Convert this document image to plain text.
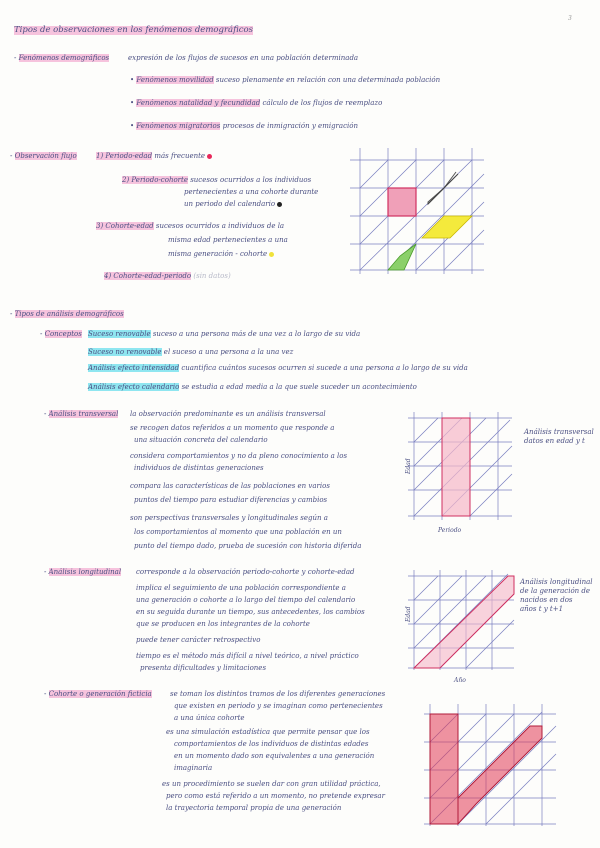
Tipos de observaciones en los fenómenos demográficos
3
- Fenómenos demográficos	expresión de los flujos de sucesos en una población determinada
• Fenómenos movilidad suceso plenamente en relación con una determinada población
• Fenómenos natalidad y fecundidad cálculo de los flujos de reemplazo
• Fenómenos migratorios procesos de inmigración y emigración
- Observación flujo	1) Periodo-edad más frecuente
2) Periodo-cohorte sucesos ocurridos a los individuos
pertenecientes a una cohorte durante
un periodo del calendario
3) Cohorte-edad sucesos ocurridos a individuos de la
misma edad pertenecientes a una
misma generación - cohorte
4) Cohorte-edad-periodo (sin datos)
- Tipos de análisis demográficos
- Conceptos Suceso renovable suceso a una persona más de una vez a lo largo de su vida
Suceso no renovable el suceso a una persona a la una vez
Análisis efecto intensidad cuantifica cuántos sucesos ocurren si sucede a una persona a lo largo de su vida
Análisis efecto calendario se estudia a edad media a la que suele suceder un acontecimiento
- Análisis transversal la observación predominante es un análisis transversal
se recogen datos referidos a un momento que responde a
una situación concreta del calendario
considera comportamientos y no da pleno conocimiento a los
individuos de distintas generaciones
compara las características de las poblaciones en varios
puntos del tiempo para estudiar diferencias y cambios
son perspectivas transversales y longitudinales según a
los comportamientos al momento que una población en un
punto del tiempo dado, prueba de sucesión con historia diferida
Análisis transversal
datos en edad y t
Edad
Periodo
- Análisis longitudinal corresponde a la observación periodo-cohorte y cohorte-edad
implica el seguimiento de una población correspondiente a
una generación o cohorte a lo largo del tiempo del calendario
en su seguida durante un tiempo, sus antecedentes, los cambios
que se producen en los integrantes de la cohorte
puede tener carácter retrospectivo
tiempo es el método más difícil a nivel teórico, a nivel práctico
presenta dificultades y limitaciones
Análisis longitudinal
de la generación de
nacidos en dos
años t y t+1
Edad
Año
- Cohorte o generación ficticia	se toman los distintos tramos de los diferentes generaciones
que existen en periodo y se imaginan como pertenecientes
a una única cohorte
es una simulación estadística que permite pensar que los
comportamientos de los individuos de distintas edades
en un momento dado son equivalentes a una generación
imaginaria
es un procedimiento se suelen dar con gran utilidad práctica,
pero como está referido a un momento, no pretende expresar
la trayectoria temporal propia de una generación
